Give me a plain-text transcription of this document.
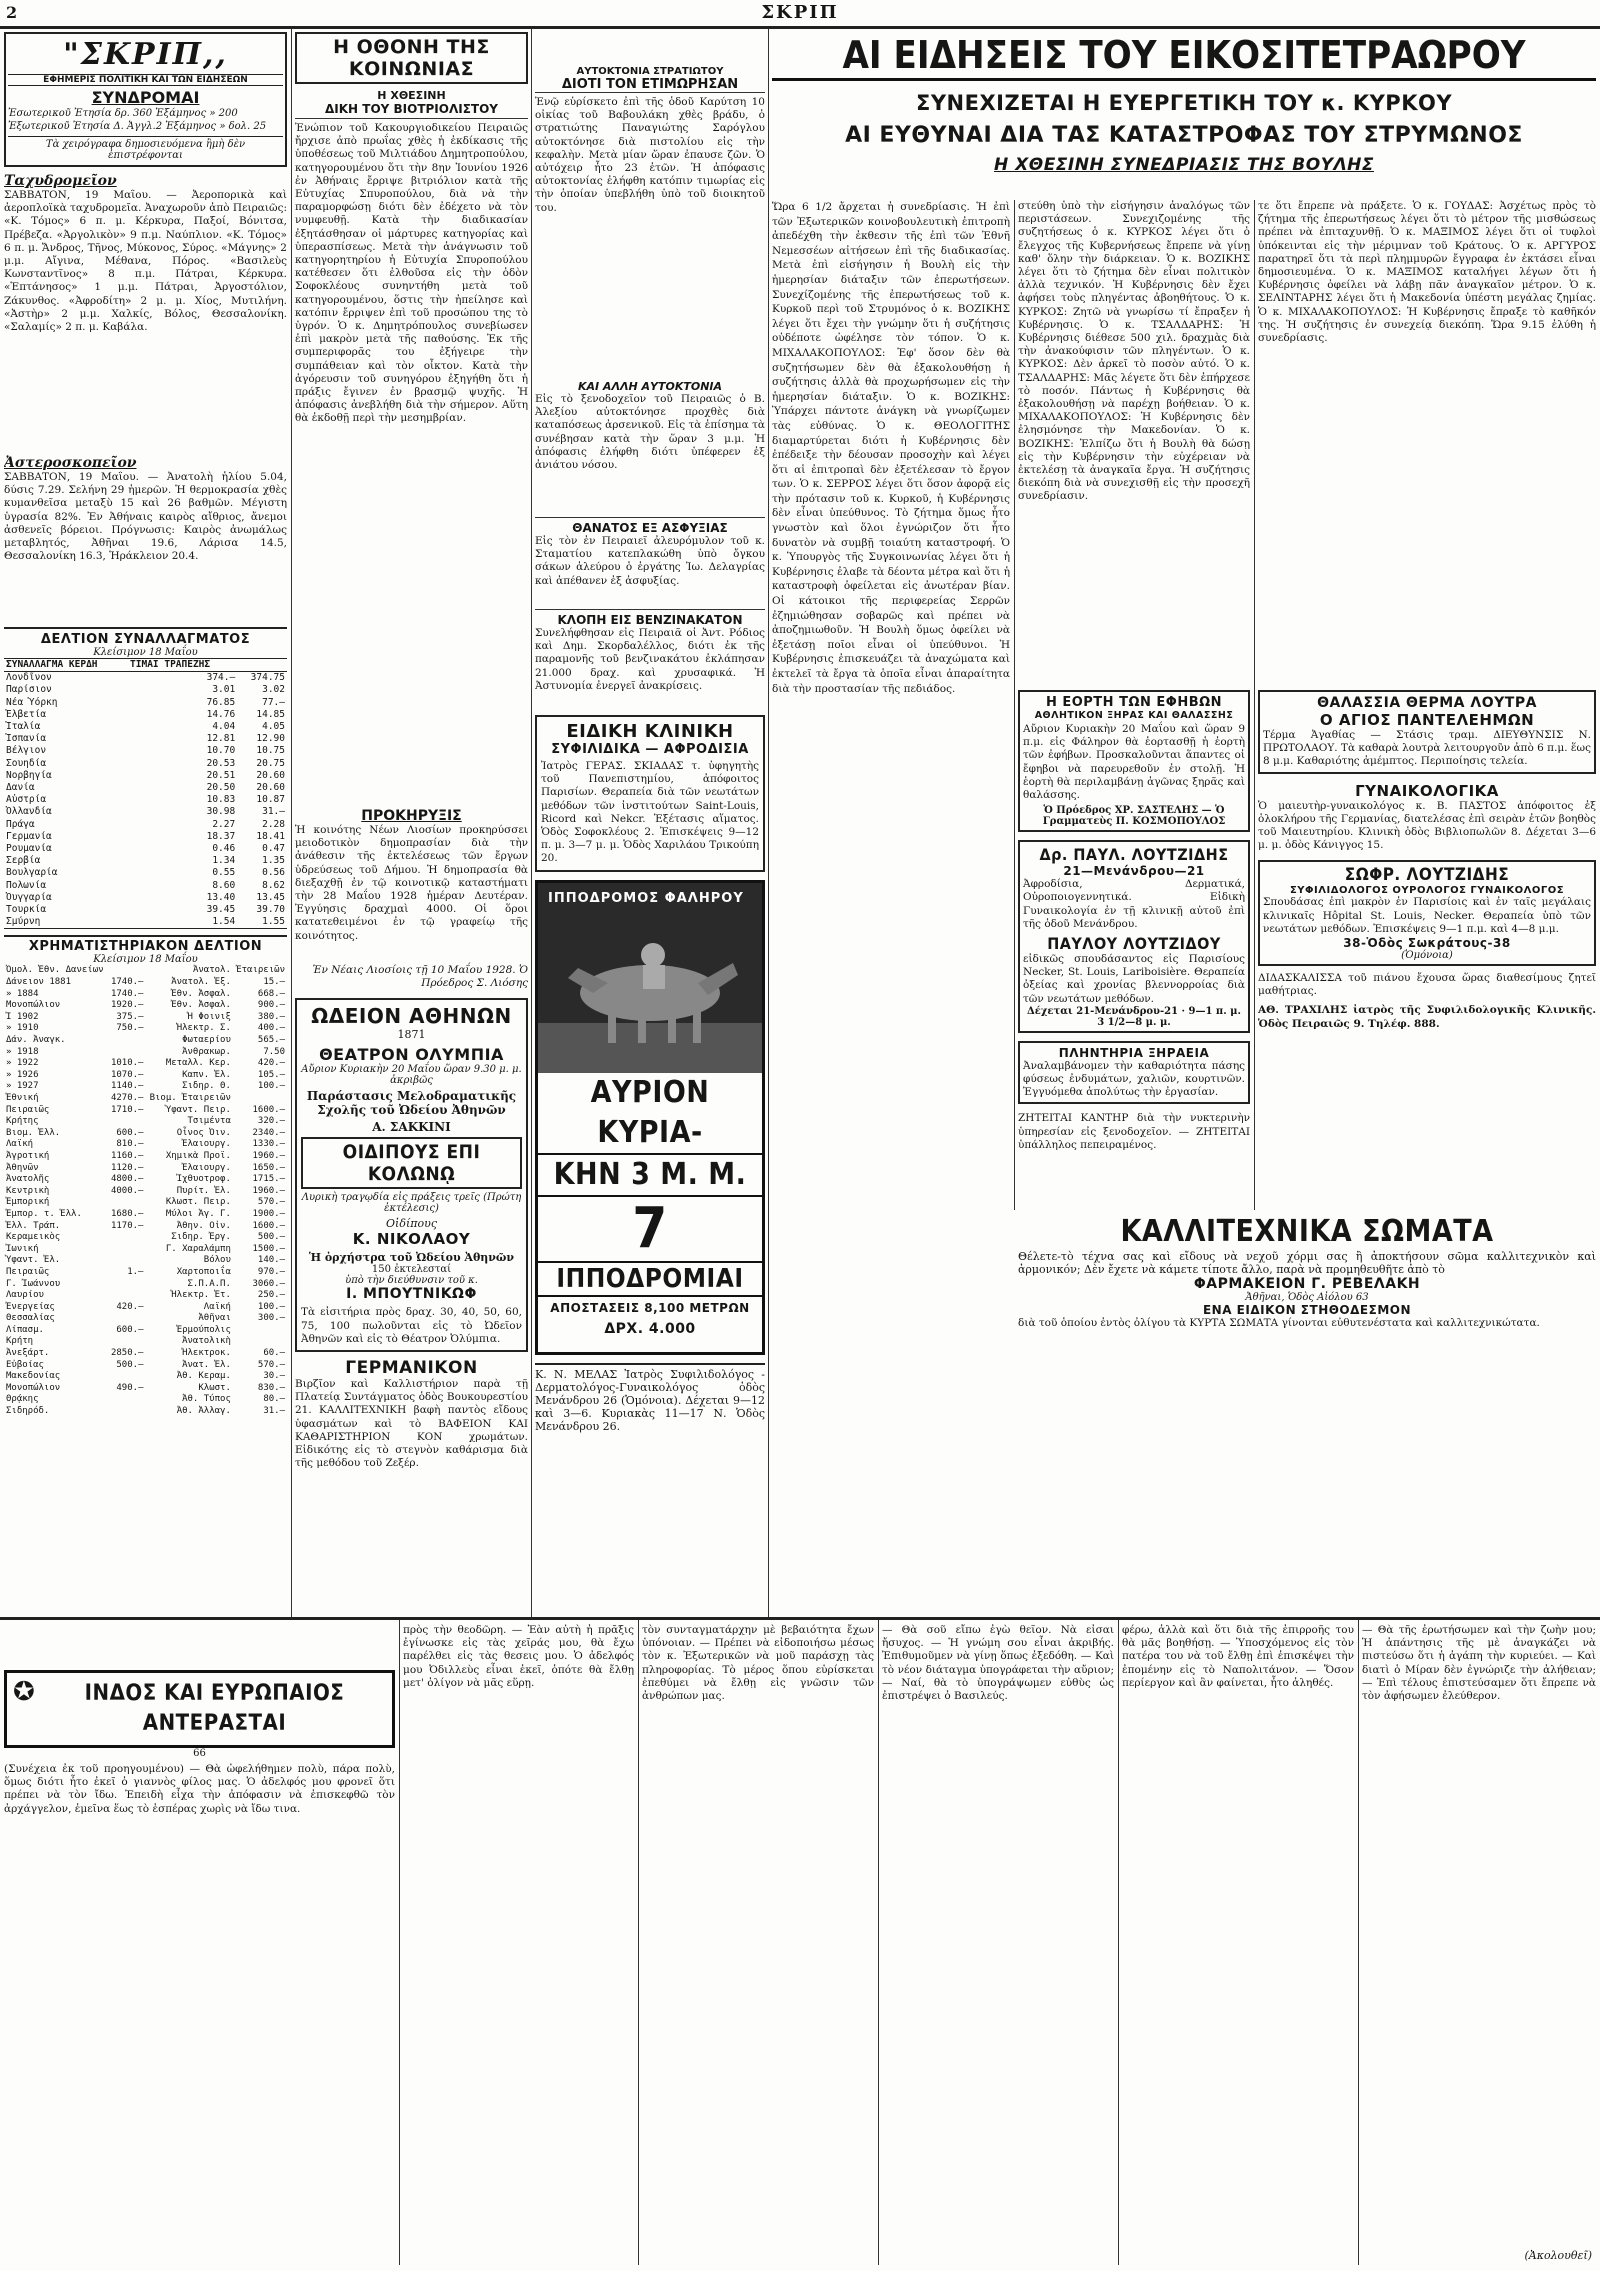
2	ΣΚΡΙΠ
"ΣΚΡΙΠ,,
ΕΦΗΜΕΡΙΣ ΠΟΛΙΤΙΚΗ ΚΑΙ ΤΩΝ ΕΙΔΗΣΕΩΝ
ΣΥΝΔΡΟΜΑΙ
Ἐσωτερικοῦ Ἐτησία δρ. 360 Ἑξάμηνος » 200
Ἐξωτερικοῦ Ἐτησία Δ. Ἀγγλ.2 Ἑξάμηνος » δολ. 25
Τὰ χειρόγραφα δημοσιευόμενα ἢμὴ δὲν ἐπιστρέφονται
Ταχυδρομεῖον
ΣΑΒΒΑΤΟΝ, 19 Μαΐου. — Ἀεροπορικὰ καὶ ἀεροπλοϊκὰ ταχυδρομεῖα. Ἀναχωροῦν ἀπὸ Πειραιῶς: «Κ. Τόμος» 6 π. μ. Κέρκυρα, Παξοί, Βόνιτσα, Πρέβεζα. «Ἀργολικὸν» 9 π.μ. Ναύπλιον. «Κ. Τόμος» 6 π. μ. Ἄνδρος, Τῆνος, Μύκονος, Σύρος. «Μάγνης» 2 μ.μ. Αἴγινα, Μέθανα, Πόρος. «Βασιλεὺς Κωνσταντῖνος» 8 π.μ. Πάτραι, Κέρκυρα. «Ἑπτάνησος» 1 μ.μ. Πάτραι, Ἀργοστόλιον, Ζάκυνθος. «Ἀφροδίτη» 2 μ. μ. Χίος, Μυτιλήνη. «Ἀστὴρ» 2 μ.μ. Χαλκίς, Βόλος, Θεσσαλονίκη. «Σαλαμίς» 2 π. μ. Καβάλα.
Ἀστεροσκοπεῖον
ΣΑΒΒΑΤΟΝ, 19 Μαΐου. — Ἀνατολὴ ἡλίου 5.04, δύσις 7.29. Σελήνη 29 ἡμερῶν. Ἡ θερμοκρασία χθὲς κυμανθεῖσα μεταξὺ 15 καὶ 26 βαθμῶν. Μέγιστη ὑγρασία 82%. Ἐν Ἀθήναις καιρὸς αἴθριος, ἄνεμοι ἀσθενεῖς βόρειοι. Πρόγνωσις: Καιρὸς ἀνωμάλως μεταβλητός, Ἀθῆναι 19.6, Λάρισα 14.5, Θεσσαλονίκη 16.3, Ἡράκλειον 20.4.
ΔΕΛΤΙΟΝ ΣΥΝΑΛΛΑΓΜΑΤΟΣ
Κλείσιμον 18 Μαΐου
ΣΥΝΑΛΛΑΓΜΑ ΚΕΡΔΗ	ΤΙΜΑΙ ΤΡΑΠΕΖΗΣ	
Λονδῖνον	374.—	374.75
Παρίσιον	3.01	3.02
Νέα Ὑόρκη	76.85	77.—
Ἑλβετία	14.76	14.85
Ἰταλία	4.04	4.05
Ἰσπανία	12.81	12.90
Βέλγιον	10.70	10.75
Σουηδία	20.53	20.75
Νορβηγία	20.51	20.60
Δανία	20.50	20.60
Αὐστρία	10.83	10.87
Ὀλλανδία	30.98	31.—
Πράγα	2.27	2.28
Γερμανία	18.37	18.41
Ρουμανία	0.46	0.47
Σερβία	1.34	1.35
Βουλγαρία	0.55	0.56
Πολωνία	8.60	8.62
Ὀυγγαρία	13.40	13.45
Τουρκία	39.45	39.70
Σμύρνη	1.54	1.55
ΧΡΗΜΑΤΙΣΤΗΡΙΑΚΟΝ ΔΕΛΤΙΟΝ
Κλείσιμον 18 Μαΐου
Ὀμολ. Ἐθν. Δανείων		Ἀνατολ.	Ἐταιρειῶν
Δάνειον 1881	1740.—	Ἀνατολ. Ἐξ.	15.—
» 1884	1740.—	Ἐθν. Ἀσφαλ.	668.—
Μονοπώλιον	1920.—	Ἐθν. Ἀσφαλ.	900.—
Ἰ 1902	375.—	Ἡ Φοινιξ	380.—
» 1910	750.—	Ἡλεκτρ. Σ.	400.—
Δάν. Ἀναγκ.		Φωταερίου	565.—
» 1918		Ἀνθρακωρ.	7.50
» 1922	1010.—	Μεταλλ. Κερ.	420.—
» 1926	1070.—	Καπν. Ἐλ.	105.—
» 1927	1140.—	Σιδηρ. Θ.	100.—
Ἐθνική	4270.—	Βιομ. Ἐταιρειῶν	
Πειραιῶς	1710.—	Ὑφαντ. Πειρ.	1600.—
Κρήτης		Τσιμέντα	320.—
Βιομ. Ἑλλ.	600.—	Οἶνος Ὀιν.	2340.—
Λαϊκή	810.—	Ἐλαιουργ.	1330.—
Ἀγροτική	1160.—	Χημικὰ Προϊ.	1960.—
Ἀθηνῶν	1120.—	Ἐλαιουργ.	1650.—
Ἀνατολῆς	4800.—	Ἰχθυοτροφ.	1715.—
Κεντρικὴ	4000.—	Πυρίτ. Ἐλ.	1960.—
Ἐμπορική		Κλωστ. Πειρ.	570.—
Ἐμπορ. τ. Ἑλλ.	1680.—	Μύλοι Ἁγ. Γ.	1900.—
Ἑλλ. Τράπ.	1170.—	Ἀθην. Οἰν.	1600.—
Κεραμεικὸς		Σιδηρ. Ἐργ.	500.—
Ἰωνική		Γ. Χαραλάμπη	1500.—
Ὑφαντ. Ἐλ.		Βόλου	140.—
Πειραιῶς	1.—	Χαρτοποιΐα	970.—
Γ. Ἰωάννου		Σ.Π.Α.Π.	3060.—
Λαυρίου		Ἡλεκτρ. Ἐτ.	250.—
Ἐνεργείας	420.—	Λαϊκή	100.—
Θεσσαλίας		Ἀθῆναι	300.—
Λίπασμ.	600.—	Ἐρμούπολις	
Κρήτη		Ἀνατολικὴ	
Ἀνεξάρτ.	2850.—	Ἠλεκτροκ.	60.—
Εὐβοίας	500.—	Ἀνατ. Ἐλ.	570.—
Μακεδονίας		Ἀθ. Κεραμ.	30.—
Μονοπώλιον	490.—	Κλωστ.	830.—
Θρᾴκης		Ἀθ. Τύπος	80.—
Σιδηρόδ.		Ἀθ. Ἀλλαγ.	31.—
Η ΟΘΟΝΗ ΤΗΣ ΚΟΙΝΩΝΙΑΣ
Η ΧΘΕΣΙΝΗ
ΔΙΚΗ ΤΟΥ ΒΙΟΤΡΙΟΛΙΣΤΟΥ
Ἐνώπιον τοῦ Κακουργιοδικείου Πειραιῶς ἤρχισε ἀπὸ πρωΐας χθὲς ἡ ἐκδίκασις τῆς ὑποθέσεως τοῦ Μιλτιάδου Δημητροπούλου, κατηγορουμένου ὅτι τὴν 8ην Ἰουνίου 1926 ἐν Ἀθήναις ἔρριψε βιτριόλιον κατὰ τῆς Εὐτυχίας Σπυροπούλου, διὰ νὰ τὴν παραμορφώσῃ διότι δὲν ἐδέχετο νὰ τὸν νυμφευθῇ. Κατὰ τὴν διαδικασίαν ἐξητάσθησαν οἱ μάρτυρες κατηγορίας καὶ ὑπερασπίσεως. Μετὰ τὴν ἀνάγνωσιν τοῦ κατηγορητηρίου ἡ Εὐτυχία Σπυροπούλου κατέθεσεν ὅτι ἐλθοῦσα εἰς τὴν ὁδὸν Σοφοκλέους συνηντήθη μετὰ τοῦ κατηγορουμένου, ὅστις τὴν ἠπείλησε καὶ κατόπιν ἔρριψεν ἐπὶ τοῦ προσώπου της τὸ ὑγρόν. Ὁ κ. Δημητρόπουλος συνεβίωσεν ἐπὶ μακρὸν μετὰ τῆς παθούσης. Ἐκ τῆς συμπεριφορᾶς του ἐξήγειρε τὴν συμπάθειαν καὶ τὸν οἶκτον. Κατὰ τὴν ἀγόρευσιν τοῦ συνηγόρου ἐξηγήθη ὅτι ἡ πράξις ἔγινεν ἐν βρασμῷ ψυχῆς. Ἡ ἀπόφασις ἀνεβλήθη διὰ τὴν σήμερον. Αὕτη θὰ ἐκδοθῇ περὶ τὴν μεσημβρίαν.
ΠΡΟΚΗΡΥΞΙΣ
Ἡ κοινότης Νέων Λιοσίων προκηρύσσει μειοδοτικὸν δημοπρασίαν διὰ τὴν ἀνάθεσιν τῆς ἐκτελέσεως τῶν ἔργων ὑδρεύσεως τοῦ Δήμου. Ἡ δημοπρασία θὰ διεξαχθῇ ἐν τῷ κοινοτικῷ καταστήματι τὴν 28 Μαΐου 1928 ἡμέραν Δευτέραν. Ἐγγύησις δραχμαὶ 4000. Οἱ ὅροι κατατεθειμένοι ἐν τῷ γραφείῳ τῆς κοινότητος.
Ἐν Νέαις Λιοσίοις τῇ 10 Μαΐου 1928. Ὁ Πρόεδρος Σ. Λιόσης
ΩΔΕΙΟΝ ΑΘΗΝΩΝ
1871
ΘΕΑΤΡΟΝ ΟΛΥΜΠΙΑ
Αὔριον Κυριακὴν 20 Μαΐου ὥραν 9.30 μ. μ. ἀκριβῶς
Παράστασις Μελοδραματικῆς Σχολῆς τοῦ Ὠδείου Ἀθηνῶν
Α. ΣΑΚΚΙΝΙ
ΟΙΔΙΠΟΥΣ ΕΠΙ ΚΟΛΩΝῼ
Λυρικὴ τραγῳδία εἰς πράξεις τρεῖς (Πρώτη ἐκτέλεσις)
Οἰδίπους
Κ. ΝΙΚΟΛΑΟΥ
Ἡ ὀρχήστρα τοῦ Ὠδείου Ἀθηνῶν
150 ἐκτελεσταί
ὑπὸ τὴν διεύθυνσιν τοῦ κ.
Ι. ΜΠΟΥΤΝΙΚΩΦ
Τὰ εἰσιτήρια πρὸς δραχ. 30, 40, 50, 60, 75, 100 πωλοῦνται εἰς τὸ Ὠδεῖον Ἀθηνῶν καὶ εἰς τὸ Θέατρον Ὀλύμπια.
ΓΕΡΜΑΝΙΚΟΝ
Βιρζῖον καὶ Καλλιστήριον παρὰ τῇ Πλατείᾳ Συντάγματος ὁδὸς Βουκουρεστίου 21. ΚΑΛΛΙΤΕΧΝΙΚΗ βαφὴ παντὸς εἴδους ὑφασμάτων καὶ τὸ ΒΑΦΕΙΟΝ ΚΑΙ ΚΑΘΑΡΙΣΤΗΡΙΟΝ ΚΟΝ χρωμάτων. Εἰδικότης εἰς τὸ στεγνὸν καθάρισμα διὰ τῆς μεθόδου τοῦ Ζεξέρ.
ΑΥΤΟΚΤΟΝΙΑ ΣΤΡΑΤΙΩΤΟΥ
ΔΙΟΤΙ ΤΟΝ ΕΤΙΜΩΡΗΣΑΝ
Ἐνῷ εὑρίσκετο ἐπὶ τῆς ὁδοῦ Καρύτση 10 οἰκίας τοῦ Βαβουλάκη χθὲς βράδυ, ὁ στρατιώτης Παναγιώτης Σαρόγλου αὐτοκτόνησε διὰ πιστολίου εἰς τὴν κεφαλὴν. Μετὰ μίαν ὥραν ἐπαυσε ζῶν. Ὁ αὐτόχειρ ἦτο 23 ἐτῶν. Ἡ ἀπόφασις αὐτοκτονίας ἐλήφθη κατόπιν τιμωρίας εἰς τὴν ὁποίαν ὑπεβλήθη ὑπὸ τοῦ διοικητοῦ του.
ΚΑΙ ΑΛΛΗ ΑΥΤΟΚΤΟΝΙΑ
Εἰς τὸ ξενοδοχεῖον τοῦ Πειραιῶς ὁ Β. Ἀλεξίου αὐτοκτόνησε προχθὲς διὰ καταπόσεως ἀρσενικοῦ. Εἰς τὰ ἐπίσημα τὰ συνέβησαν κατὰ τὴν ὥραν 3 μ.μ. Ἡ ἀπόφασις ἐλήφθη διότι ὑπέφερεν ἐξ ἀνιάτου νόσου.
ΘΑΝΑΤΟΣ ΕΞ ΑΣΦΥΞΙΑΣ
Εἰς τὸν ἐν Πειραιεῖ ἀλευρόμυλον τοῦ κ. Σταματίου κατεπλακώθη ὑπὸ ὄγκου σάκων ἀλεύρου ὁ ἐργάτης Ἰω. Δελαγρίας καὶ ἀπέθανεν ἐξ ἀσφυξίας.
ΚΛΟΠΗ ΕΙΣ ΒΕΝΖΙΝΑΚΑΤΟΝ
Συνελήφθησαν εἰς Πειραιᾶ οἱ Ἀντ. Ρόδιος καὶ Δημ. Σκορδαλέλλος, διότι ἐκ τῆς παραμονῆς τοῦ βενζινακάτου ἐκλάπησαν 21.000 δραχ. καὶ χρυσαφικά. Ἡ Ἀστυνομία ἐνεργεῖ ἀνακρίσεις.
ΕΙΔΙΚΗ ΚΛΙΝΙΚΗ
ΣΥΦΙΛΙΔΙΚΑ — ΑΦΡΟΔΙΣΙΑ
Ἰατρὸς ΓΕΡΑΣ. ΣΚΙΑΔΑΣ τ. ὑφηγητὴς τοῦ Πανεπιστημίου, ἀπόφοιτος Παρισίων. Θεραπεία διὰ τῶν νεωτάτων μεθόδων τῶν ἰνστιτούτων Saint-Louis, Ricord καὶ Nekcr. Ἐξέτασις αἵματος. Ὁδὸς Σοφοκλέους 2. Ἐπισκέψεις 9—12 π. μ. 3—7 μ. μ. Ὁδὸς Χαριλάου Τρικούπη 20.
ΙΠΠΟΔΡΟΜΟΣ ΦΑΛΗΡΟΥ
ΑΥΡΙΟΝ ΚΥΡΙΑ-
ΚΗΝ 3 Μ. Μ.
7
ΙΠΠΟΔΡΟΜΙΑΙ
ΑΠΟΣΤΑΣΕΙΣ 8,100 ΜΕΤΡΩΝ
ΔΡΧ. 4.000
Κ. Ν. ΜΕΛΑΣ Ἰατρὸς Συφιλιδολόγος - Δερματολόγος-Γυναικολόγος ὁδὸς Μενάνδρου 26 (Ὁμόνοια). Δέχεται 9—12 καὶ 3—6. Κυριακὰς 11—17 Ν. Ὁδὸς Μενάνδρου 26.
ΑΙ ΕΙΔΗΣΕΙΣ ΤΟΥ ΕΙΚΟΣΙΤΕΤΡΑΩΡΟΥ
ΣΥΝΕΧΙΖΕΤΑΙ Η ΕΥΕΡΓΕΤΙΚΗ ΤΟΥ κ. ΚΥΡΚΟΥ
ΑΙ ΕΥΘΥΝΑΙ ΔΙΑ ΤΑΣ ΚΑΤΑΣΤΡΟΦΑΣ ΤΟΥ ΣΤΡΥΜΩΝΟΣ
Η ΧΘΕΣΙΝΗ ΣΥΝΕΔΡΙΑΣΙΣ ΤΗΣ ΒΟΥΛΗΣ
Ὥρα 6 1/2 ἄρχεται ἡ συνεδρίασις. Ἡ ἐπὶ τῶν Ἐξωτερικῶν κοινοβουλευτικὴ ἐπιτροπὴ ἀπεδέχθη τὴν ἐκθεσιν τῆς ἐπὶ τῶν Ἐθνῆ Νεμεσσέων αἰτήσεων ἐπὶ τῆς διαδικασίας. Μετὰ ἐπὶ εἰσήγησιν ἡ Βουλὴ εἰς τὴν ἡμερησίαν διάταξιν τῶν ἐπερωτήσεων. Συνεχίζομένης τῆς ἐπερωτήσεως τοῦ κ. Κυρκοῦ περὶ τοῦ Στρυμόνος ὁ κ. ΒΟΖΙΚΗΣ λέγει ὅτι ἔχει τὴν γνώμην ὅτι ἡ συζήτησις οὐδέποτε ὠφέλησε τὸν τόπον. Ὁ κ. ΜΙΧΑΛΑΚΟΠΟΥΛΟΣ: Ἐφ' ὅσον δὲν θὰ συζητήσωμεν δὲν θὰ ἐξακολουθήσῃ ἡ συζήτησις ἀλλὰ θὰ προχωρήσωμεν εἰς τὴν ἡμερησίαν διάταξιν. Ὁ κ. ΒΟΖΙΚΗΣ: Ὑπάρχει πάντοτε ἀνάγκη νὰ γνωρίζωμεν τὰς εὐθύνας. Ὁ κ. ΘΕΟΛΟΓΙΤΗΣ διαμαρτύρεται διότι ἡ Κυβέρνησις δὲν ἐπέδειξε τὴν δέουσαν προσοχὴν καὶ λέγει ὅτι αἱ ἐπιτροπαὶ δὲν ἐξετέλεσαν τὸ ἔργον των. Ὁ κ. ΣΕΡΡΟΣ λέγει ὅτι ὅσον ἀφορᾷ εἰς τὴν πρότασιν τοῦ κ. Κυρκοῦ, ἡ Κυβέρνησις δὲν εἶναι ὑπεύθυνος. Τὸ ζήτημα ὅμως ἦτο γνωστὸν καὶ ὅλοι ἐγνώριζον ὅτι ἦτο δυνατὸν νὰ συμβῇ τοιαύτη καταστροφή. Ὁ κ. Ὑπουργὸς τῆς Συγκοινωνίας λέγει ὅτι ἡ Κυβέρνησις ἐλαβε τὰ δέοντα μέτρα καὶ ὅτι ἡ καταστροφὴ ὀφείλεται εἰς ἀνωτέραν βίαν. Οἱ κάτοικοι τῆς περιφερείας Σερρῶν ἐζημιώθησαν σοβαρῶς καὶ πρέπει νὰ ἀποζημιωθοῦν. Ἡ Βουλὴ ὅμως ὀφείλει νὰ ἐξετάσῃ ποῖοι εἶναι οἱ ὑπεύθυνοι. Ἡ Κυβέρνησις ἐπισκευάζει τὰ ἀναχώματα καὶ ἐκτελεῖ τὰ ἔργα τὰ ὁποῖα εἶναι ἀπαραίτητα διὰ τὴν προστασίαν τῆς πεδιάδος.
στεύθη ὑπὸ τὴν εἰσήγησιν ἀναλόγως τῶν περιστάσεων. Συνεχιζομένης τῆς συζητήσεως ὁ κ. ΚΥΡΚΟΣ λέγει ὅτι ὁ ἔλεγχος τῆς Κυβερνήσεως ἔπρεπε νὰ γίνῃ καθ' ὅλην τὴν διάρκειαν. Ὁ κ. ΒΟΖΙΚΗΣ λέγει ὅτι τὸ ζήτημα δὲν εἶναι πολιτικὸν ἀλλὰ τεχνικόν. Ἡ Κυβέρνησις δὲν ἔχει ἀφήσει τοὺς πληγέντας ἀβοηθήτους. Ὁ κ. ΚΥΡΚΟΣ: Ζητῶ νὰ γνωρίσω τί ἔπραξεν ἡ Κυβέρνησις. Ὁ κ. ΤΣΑΛΔΑΡΗΣ: Ἡ Κυβέρνησις διέθεσε 500 χιλ. δραχμὰς διὰ τὴν ἀνακούφισιν τῶν πληγέντων. Ὁ κ. ΚΥΡΚΟΣ: Δὲν ἀρκεῖ τὸ ποσὸν αὐτό. Ὁ κ. ΤΣΑΛΔΑΡΗΣ: Μᾶς λέγετε ὅτι δὲν ἐπήρχεσε τὸ ποσόν. Πάντως ἡ Κυβέρνησις θὰ ἐξακολουθήσῃ νὰ παρέχῃ βοήθειαν. Ὁ κ. ΜΙΧΑΛΑΚΟΠΟΥΛΟΣ: Ἡ Κυβέρνησις δὲν ἐλησμόνησε τὴν Μακεδονίαν. Ὁ κ. ΒΟΖΙΚΗΣ: Ἑλπίζω ὅτι ἡ Βουλὴ θὰ δώσῃ εἰς τὴν Κυβέρνησιν τὴν εὐχέρειαν νὰ ἐκτελέσῃ τὰ ἀναγκαῖα ἔργα. Ἡ συζήτησις διεκόπη διὰ νὰ συνεχισθῇ εἰς τὴν προσεχῆ συνεδρίασιν.
Η ΕΟΡΤΗ ΤΩΝ ΕΦΗΒΩΝ
ΑΘΛΗΤΙΚΟΝ ΞΗΡΑΣ ΚΑΙ ΘΑΛΑΣΣΗΣ
Αὔριον Κυριακὴν 20 Μαΐου καὶ ὥραν 9 π.μ. εἰς Φάληρον θὰ ἑορτασθῇ ἡ ἑορτὴ τῶν ἐφήβων. Προσκαλοῦνται ἅπαντες οἱ ἔφηβοι νὰ παρευρεθοῦν ἐν στολῇ. Ἡ ἑορτὴ θὰ περιλαμβάνῃ ἀγῶνας ξηρᾶς καὶ θαλάσσης.
Ὁ Πρόεδρος ΧΡ. ΣΑΣΤΕΛΗΣ — Ὁ Γραμματεὺς Π. ΚΟΣΜΟΠΟΥΛΟΣ
Δρ. ΠΑΥΛ. ΛΟΥΤΖΙΔΗΣ
21—Μενάνδρου—21
Ἀφροδίσια, Δερματικά, Οὐροποιογεννητικά. Εἰδικὴ Γυναικολογία ἐν τῇ κλινικῇ αὐτοῦ ἐπὶ τῆς ὁδοῦ Μενάνδρου.
ΠΑΥΛΟΥ ΛΟΥΤΖΙΔΟΥ
εἰδικῶς σπουδάσαντος εἰς Παρισίους Necker, St. Louis, Lariboisière. Θεραπεία ὀξείας καὶ χρονίας βλεννορροίας διὰ τῶν νεωτάτων μεθόδων.
Δέχεται 21-Μενάνδρου-21 · 9—1 π. μ. 3 1/2—8 μ. μ.
ΠΛΗΝΤΗΡΙΑ ΞΗΡΑΕΙΑ
Ἀναλαμβάνομεν τὴν καθαριότητα πάσης φύσεως ἐνδυμάτων, χαλιῶν, κουρτινῶν. Ἐγγυόμεθα ἀπολύτως τὴν ἐργασίαν.
ΖΗΤΕΙΤΑΙ ΚΑΝΤΗΡ διὰ τὴν νυκτερινὴν ὑπηρεσίαν εἰς ξενοδοχεῖον. — ΖΗΤΕΙΤΑΙ ὑπάλληλος πεπειραμένος.
τε ὅτι ἔπρεπε νὰ πράξετε. Ὁ κ. ΓΟΥΔΑΣ: Ἀσχέτως πρὸς τὸ ζήτημα τῆς ἐπερωτήσεως λέγει ὅτι τὸ μέτρον τῆς μισθώσεως πρέπει νὰ ἐπιταχυνθῇ. Ὁ κ. ΜΑΞΙΜΟΣ λέγει ὅτι οἱ τυφλοὶ ὑπόκεινται εἰς τὴν μέριμναν τοῦ Κράτους. Ὁ κ. ΑΡΓΥΡΟΣ παρατηρεῖ ὅτι τὰ περὶ πλημμυρῶν ἔγγραφα ἐν ἐκτάσει εἶναι δημοσιευμένα. Ὁ κ. ΜΑΞΙΜΟΣ καταλήγει λέγων ὅτι ἡ Κυβέρνησις ὀφείλει νὰ λάβῃ πᾶν ἀναγκαῖον μέτρον. Ὁ κ. ΣΕΛΙΝΤΑΡΗΣ λέγει ὅτι ἡ Μακεδονία ὑπέστη μεγάλας ζημίας. Ὁ κ. ΜΙΧΑΛΑΚΟΠΟΥΛΟΣ: Ἡ Κυβέρνησις ἔπραξε τὸ καθῆκόν της. Ἡ συζήτησις ἐν συνεχείᾳ διεκόπη. Ὥρα 9.15 ἐλύθη ἡ συνεδρίασις.
ΘΑΛΑΣΣΙΑ ΘΕΡΜΑ ΛΟΥΤΡΑ
Ο ΑΓΙΟΣ ΠΑΝΤΕΛΕΗΜΩΝ
Τέρμα Ἀγαθίας — Στάσις τραμ. ΔΙΕΥΘΥΝΣΙΣ Ν. ΠΡΩΤΟΛΑΟΥ. Τὰ καθαρὰ λουτρὰ λειτουργοῦν ἀπὸ 6 π.μ. ἕως 8 μ.μ. Καθαριότης ἀμέμπτος. Περιποίησις τελεία.
ΓΥΝΑΙΚΟΛΟΓΙΚΑ
Ὁ μαιευτὴρ-γυναικολόγος κ. Β. ΠΑΣΤΟΣ ἀπόφοιτος ἐξ ὁλοκλήρου τῆς Γερμανίας, διατελέσας ἐπὶ σειρὰν ἐτῶν βοηθὸς τοῦ Μαιευτηρίου. Κλινικὴ ὁδὸς Βιβλιοπωλῶν 8. Δέχεται 3—6 μ. μ. ὁδὸς Κάνιγγος 15.
ΣΩΦΡ. ΛΟΥΤΖΙΔΗΣ
ΣΥΦΙΛΙΔΟΛΟΓΟΣ ΟΥΡΟΛΟΓΟΣ ΓΥΝΑΙΚΟΛΟΓΟΣ
Σπουδάσας ἐπὶ μακρὸν ἐν Παρισίοις καὶ ἐν ταῖς μεγάλαις κλινικαῖς Hôpital St. Louis, Necker. Θεραπεία ὑπὸ τῶν νεωτάτων μεθόδων. Ἐπισκέψεις 9—1 π.μ. καὶ 4—8 μ.μ.
38-Ὁδὸς Σωκράτους-38
(Ὁμόνοια)
ΔΙΔΑΣΚΑΛΙΣΣΑ τοῦ πιάνου ἔχουσα ὥρας διαθεσίμους ζητεῖ μαθήτριας.
ΑΘ. ΤΡΑΧΙΛΗΣ ἰατρὸς τῆς Συφιλιδολογικῆς Κλινικῆς. Ὁδὸς Πειραιῶς 9. Τηλέφ. 888.
ΚΑΛΛΙΤΕΧΝΙΚΑ ΣΩΜΑΤΑ
Θέλετε-τὸ τέχνα σας καὶ εἴδους νὰ νεχοῦ χόρμι σας ἢ ἀποκτήσουν σῶμα καλλιτεχνικὸν καὶ ἀρμονικόν; Δὲν ἔχετε νὰ κάμετε τίποτε ἄλλο, παρὰ νὰ προμηθευθῆτε ἀπὸ τὸ
ΦΑΡΜΑΚΕΙΟΝ Γ. ΡΕΒΕΛΑΚΗ
Ἀθῆναι, Ὁδὸς Αἰόλου 63
ΕΝΑ ΕΙΔΙΚΟΝ ΣΤΗΘΟΔΕΣΜΟΝ
διὰ τοῦ ὁποίου ἐντὸς ὀλίγου τὰ ΚΥΡΤΑ ΣΩΜΑΤΑ γίνονται εὐθυτενέστατα καὶ καλλιτεχνικώτατα.
✪	ΙΝΔΟΣ ΚΑΙ ΕΥΡΩΠΑΙΟΣ ΑΝΤΕΡΑΣΤΑΙ
66
(Συνέχεια ἐκ τοῦ προηγουμένου) — Θὰ ὠφελήθημεν πολὺ, πάρα πολὺ, ὅμως διότι ἦτο ἐκεῖ ὁ γιαννὸς φίλος μας. Ὁ ἀδελφός μου φρονεῖ ὅτι πρέπει νὰ τὸν ἴδω. Ἐπειδὴ εἶχα τὴν ἀπόφασιν νὰ ἐπισκεφθῶ τὸν ἀρχάγγελον, ἐμεῖνα ἕως τὸ ἑσπέρας χωρὶς νὰ ἴδω τινα.
πρὸς τὴν θεοδῶρη. — Ἐὰν αὐτὴ ἡ πρᾶξις ἐγίνωσκε εἰς τὰς χεῖράς μου, θὰ ἔχω παρέλθει εἰς τὰς θεσεις μου. Ὁ ἀδελφός μου Ὀδιλλεὺς εἶναι ἐκεῖ, ὁπότε θὰ ἔλθῃ μετ' ὀλίγον νὰ μᾶς εὕρῃ.
τὸν συνταγματάρχην μὲ βεβαιότητα ἔχων ὑπόνοιαν. — Πρέπει νὰ εἰδοποιήσω μέσως τὸν κ. Ἐξωτερικῶν νὰ μοῦ παράσχῃ τὰς πληροφορίας. Τὸ μέρος ὅπου εὑρίσκεται ἐπεθύμει νὰ ἔλθῃ εἰς γνῶσιν τῶν ἀνθρώπων μας.
— Θὰ σοῦ εἴπω ἐγὼ θεῖον. Νὰ εἶσαι ἤσυχος. — Ἡ γνώμη σου εἶναι ἀκριβής. Ἐπιθυμοῦμεν νὰ γίνῃ ὅπως ἐξεδόθη. — Καὶ τὸ νέον διάταγμα ὑπογράφεται τὴν αὔριον; — Ναί, θὰ τὸ ὑπογράψωμεν εὐθὺς ὡς ἐπιστρέψει ὁ Βασιλεύς.
φέρω, ἀλλὰ καὶ ὅτι διὰ τῆς ἐπιρροῆς του θὰ μᾶς βοηθήσῃ. — Ὑποσχόμενος εἰς τὸν πατέρα του νὰ τοῦ ἔλθῃ ἐπὶ ἐπισκέψει τὴν ἐπομένην εἰς τὸ Ναπολιτάνον. — Ὅσον περίεργον καὶ ἂν φαίνεται, ἦτο ἀληθές.
— Θὰ τῆς ἐρωτήσωμεν καὶ τὴν ζωὴν μου; Ἡ ἀπάντησις τῆς μὲ ἀναγκάζει νὰ πιστεύσω ὅτι ἡ ἀγάπη τὴν κυριεύει. — Καὶ διατὶ ὁ Μίραν δὲν ἐγνώριζε τὴν ἀλήθειαν; — Ἐπὶ τέλους ἐπιστεύσαμεν ὅτι ἔπρεπε νὰ τὸν ἀφήσωμεν ἐλεύθερον.
(Ἀκολουθεῖ)
